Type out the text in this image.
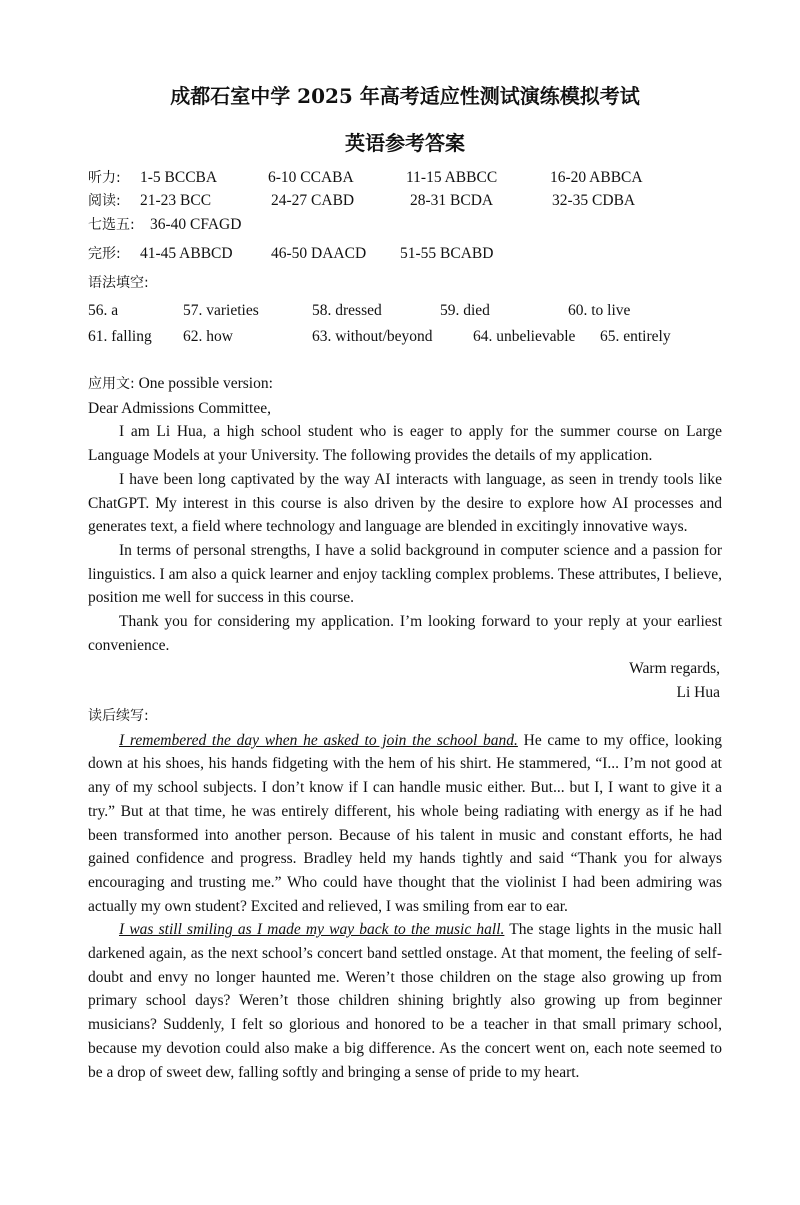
成都石室中学 2025 年高考适应性测试演练模拟考试
英语参考答案
听力: 1-5 BCCBA	6-10 CCABA	11-15 ABBCC	16-20 ABBCA
阅读: 21-23 BCC	24-27 CABD	28-31 BCDA	32-35 CDBA
七选五: 36-40 CFAGD
完形: 41-45 ABBCD 46-50 DAACD 51-55 BCABD
语法填空:
56. a	57. varieties	58. dressed	59. died	60. to live
61. falling 62. how	63. without/beyond	64. unbelievable 65. entirely

应用文: One possible version:

Dear Admissions Committee,

I am Li Hua, a high school student who is eager to apply for the summer course on Large Language Models at your University. The following provides the details of my application.

I have been long captivated by the way AI interacts with language, as seen in trendy tools like ChatGPT. My interest in this course is also driven by the desire to explore how AI processes and generates text, a field where technology and language are blended in excitingly innovative ways.

In terms of personal strengths, I have a solid background in computer science and a passion for linguistics. I am also a quick learner and enjoy tackling complex problems. These attributes, I believe, position me well for success in this course.

Thank you for considering my application. I’m looking forward to your reply at your earliest convenience.

Warm regards,

Li Hua

读后续写:

I remembered the day when he asked to join the school band. He came to my office, looking down at his shoes, his hands fidgeting with the hem of his shirt. He stammered, “I... I’m not good at any of my school subjects. I don’t know if I can handle music either. But... but I, I want to give it a try.” But at that time, he was entirely different, his whole being radiating with energy as if he had been transformed into another person. Because of his talent in music and constant efforts, he had gained confidence and progress. Bradley held my hands tightly and said “Thank you for always encouraging and trusting me.” Who could have thought that the violinist I had been admiring was actually my own student? Excited and relieved, I was smiling from ear to ear.

I was still smiling as I made my way back to the music hall. The stage lights in the music hall darkened again, as the next school’s concert band settled onstage. At that moment, the feeling of self-doubt and envy no longer haunted me. Weren’t those children on the stage also growing up from primary school days? Weren’t those children shining brightly also growing up from beginner musicians? Suddenly, I felt so glorious and honored to be a teacher in that small primary school, because my devotion could also make a big difference. As the concert went on, each note seemed to be a drop of sweet dew, falling softly and bringing a sense of pride to my heart.
